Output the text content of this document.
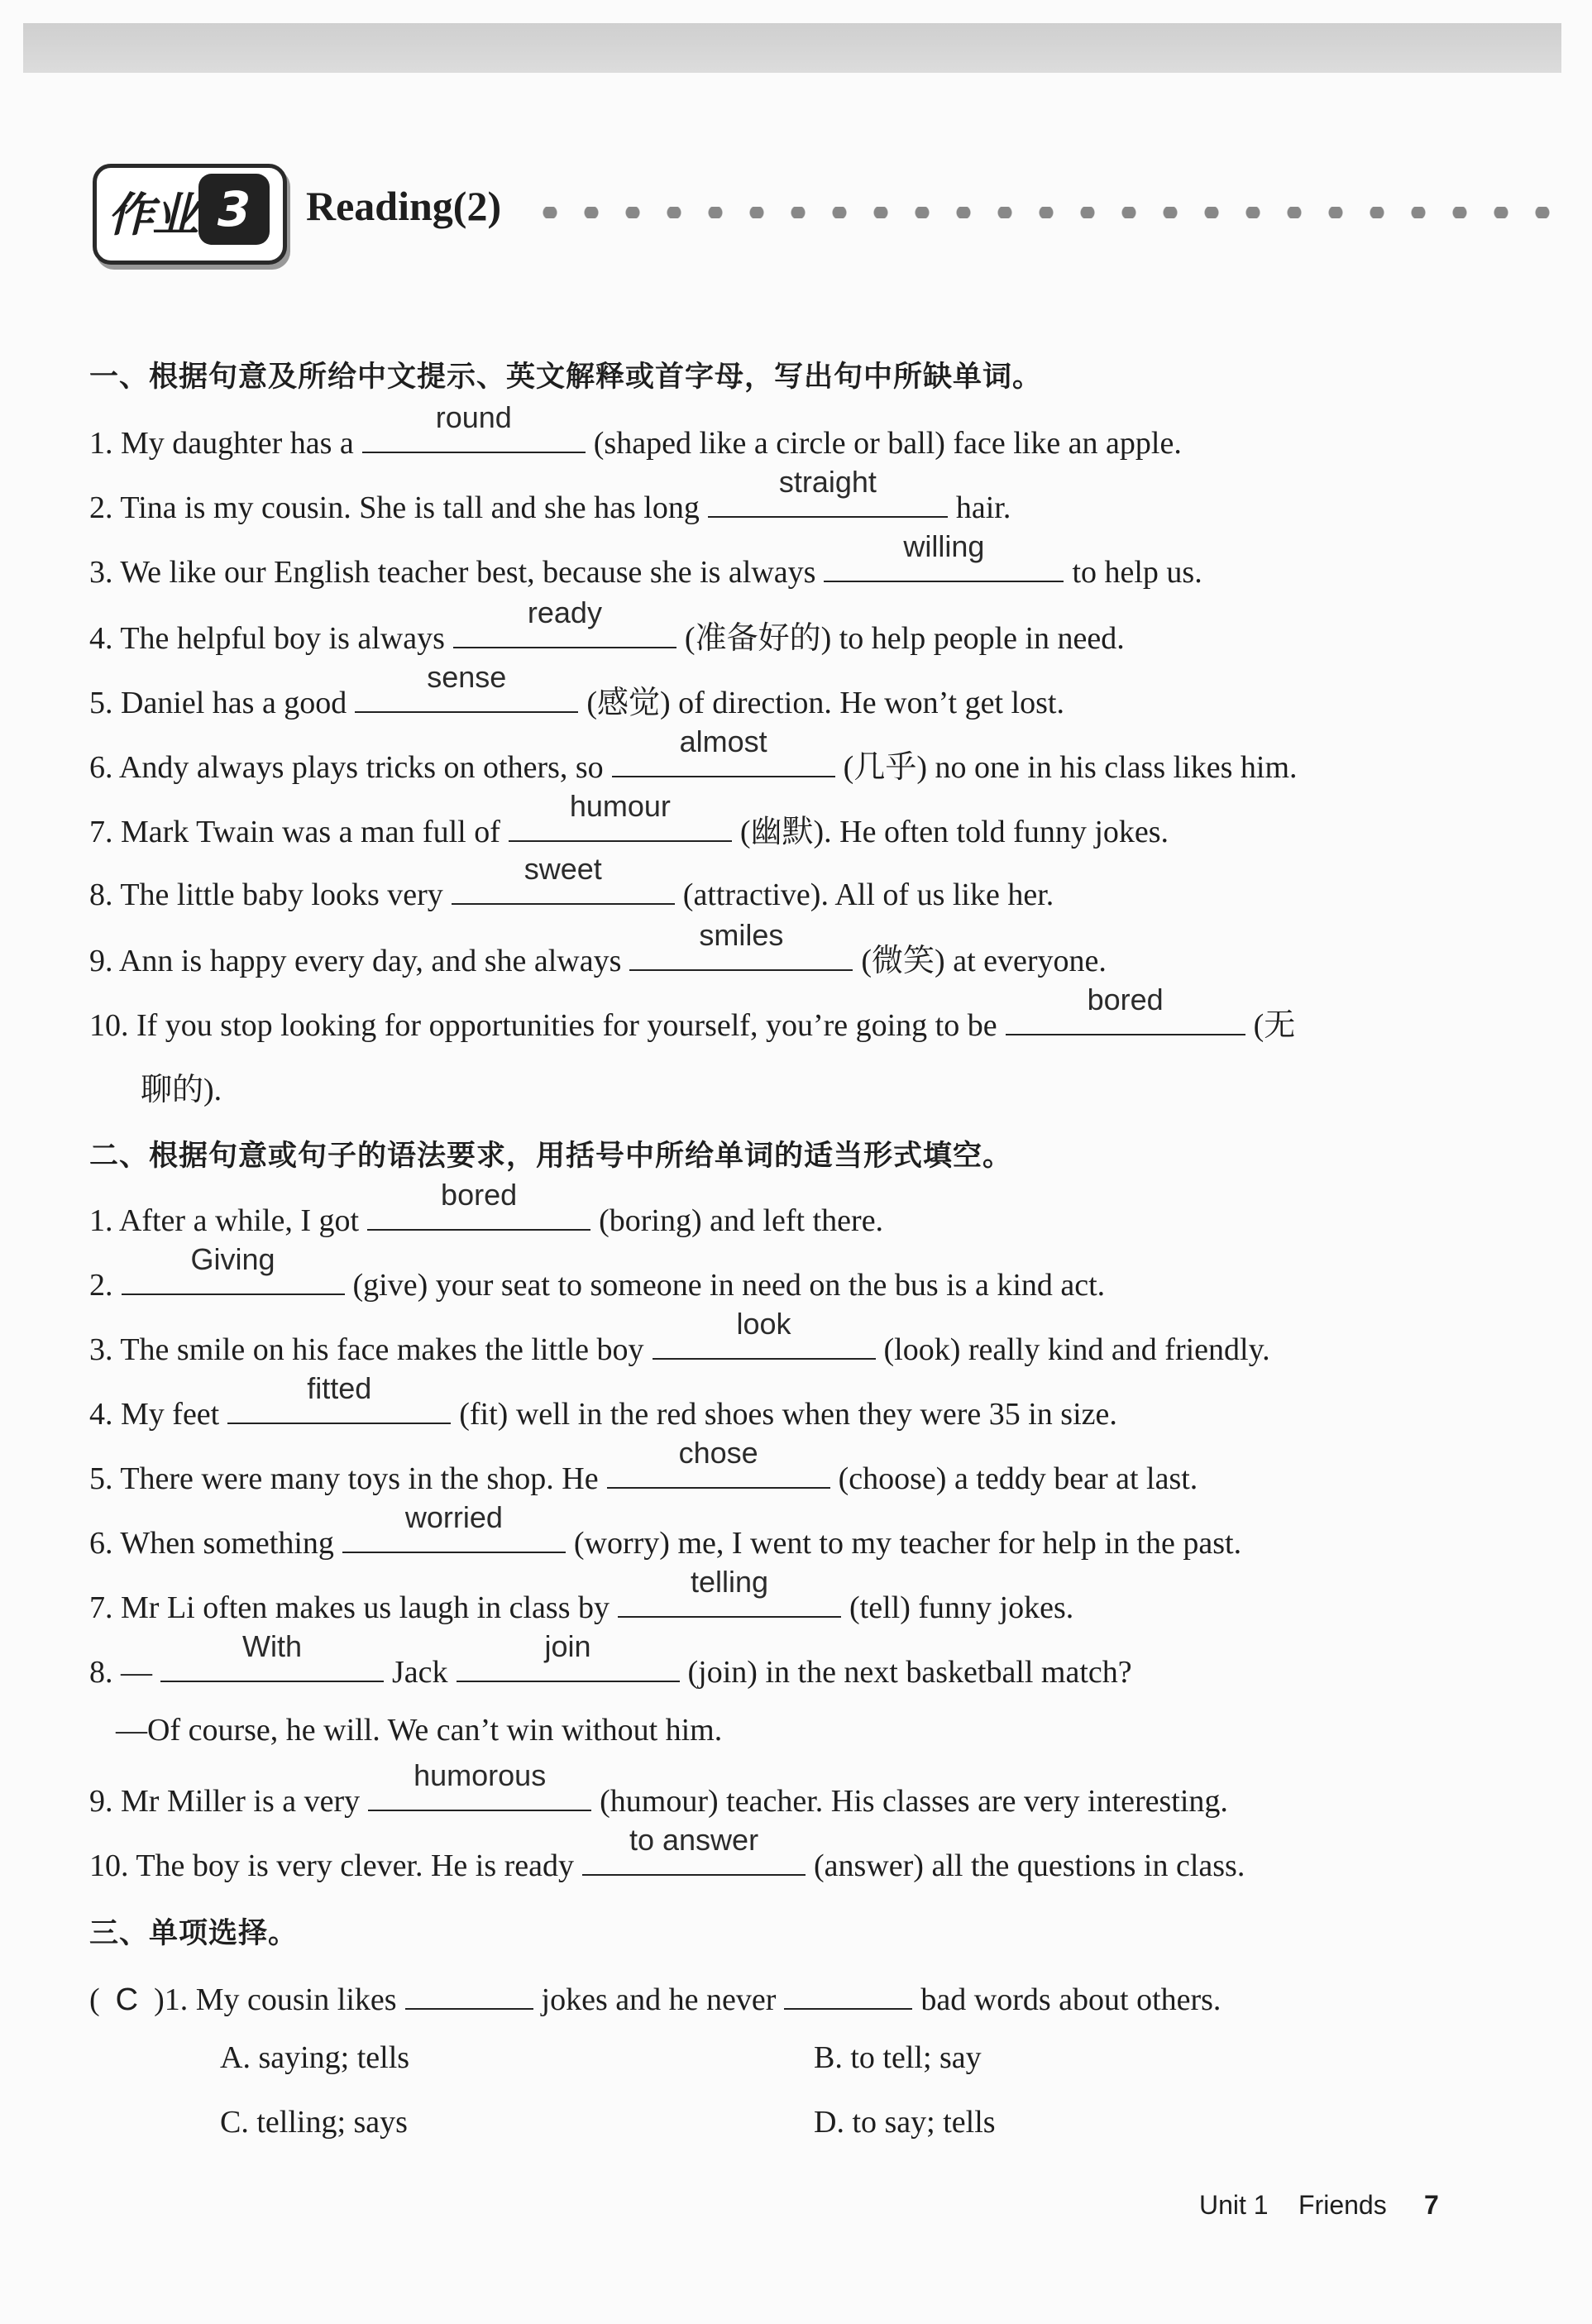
作业 3	Reading(2)
一、根据句意及所给中文提示、英文解释或首字母，写出句中所缺单词。
1. My daughter has a
round
(shaped like a circle or ball) face like an apple.
2. Tina is my cousin. She is tall and she has long
straight
hair.
3. We like our English teacher best, because she is always
willing
to help us.
4. The helpful boy is always
ready
(准备好的) to help people in need.
5. Daniel has a good
sense
(感觉) of direction. He won’t get lost.
6. Andy always plays tricks on others, so
almost
(几乎) no one in his class likes him.
7. Mark Twain was a man full of
humour
(幽默). He often told funny jokes.
8. The little baby looks very
sweet
(attractive). All of us like her.
9. Ann is happy every day, and she always
smiles
(微笑) at everyone.
10. If you stop looking for opportunities for yourself, you’re going to be
bored
(无
聊的).
二、根据句意或句子的语法要求，用括号中所给单词的适当形式填空。
1. After a while, I got
bored
(boring) and left there.
2.
Giving
(give) your seat to someone in need on the bus is a kind act.
3. The smile on his face makes the little boy
look
(look) really kind and friendly.
4. My feet
fitted
(fit) well in the red shoes when they were 35 in size.
5. There were many toys in the shop. He
chose
(choose) a teddy bear at last.
6. When something
worried
(worry) me, I went to my teacher for help in the past.
7. Mr Li often makes us laugh in class by
telling
(tell) funny jokes.
8. —
With
Jack
join
(join) in the next basketball match?
—Of course, he will. We can’t win without him.
9. Mr Miller is a very
humorous
(humour) teacher. His classes are very interesting.
10. The boy is very clever. He is ready
to answer
(answer) all the questions in class.
三、单项选择。
( C )1. My cousin likes	jokes and he never	bad words about others.
A. saying; tells	B. to tell; say
C. telling; says	D. to say; tells
Unit 1 Friends 7
